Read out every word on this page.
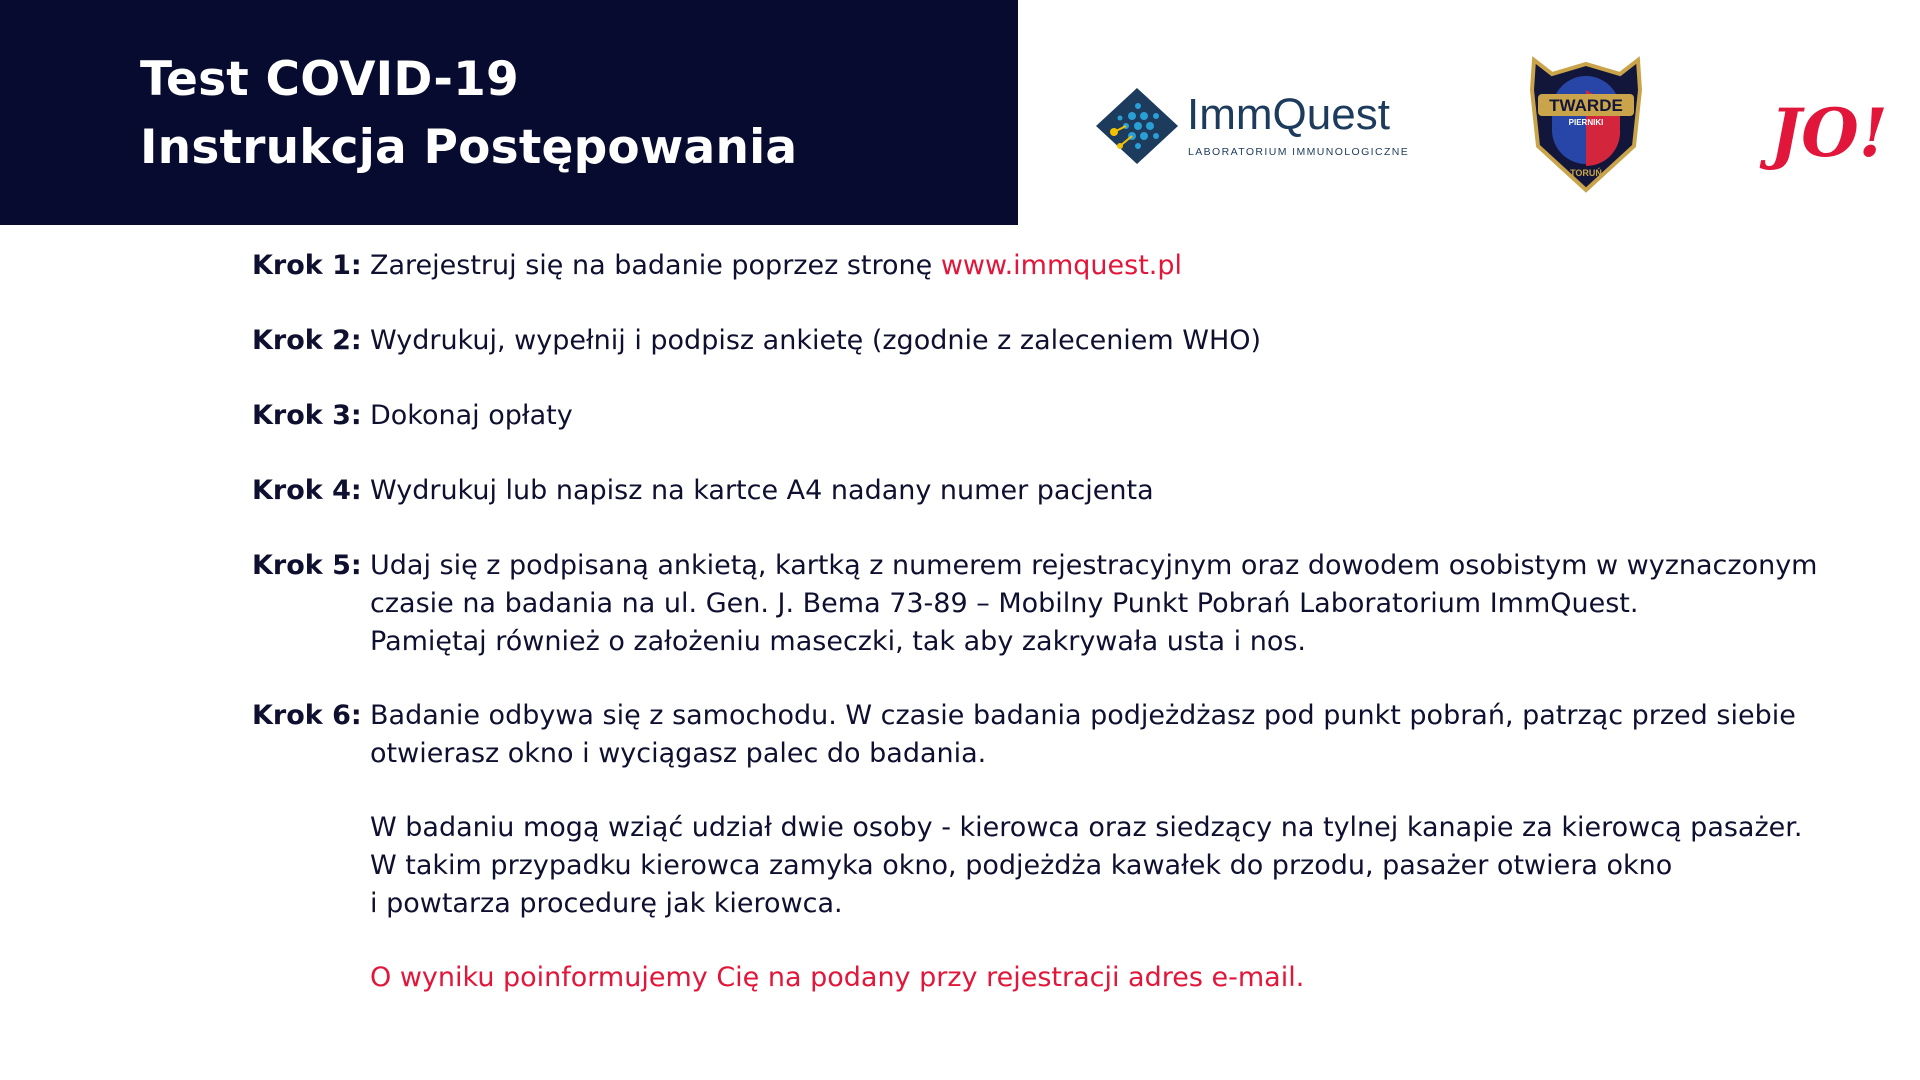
Test COVID-19
Instrukcja Postępowania
ImmQuest
LABORATORIUM IMMUNOLOGICZNE
TWARDE
PIERNIKI
TORUŃ
JO!
Krok 1: Zarejestruj się na badanie poprzez stronę www.immquest.pl
Krok 2: Wydrukuj, wypełnij i podpisz ankietę (zgodnie z zaleceniem WHO)
Krok 3: Dokonaj opłaty
Krok 4: Wydrukuj lub napisz na kartce A4 nadany numer pacjenta
Krok 5: Udaj się z podpisaną ankietą, kartką z numerem rejestracyjnym oraz dowodem osobistym w wyznaczonym
czasie na badania na ul. Gen. J. Bema 73-89 – Mobilny Punkt Pobrań Laboratorium ImmQuest.
Pamiętaj również o założeniu maseczki, tak aby zakrywała usta i nos.
Krok 6: Badanie odbywa się z samochodu. W czasie badania podjeżdżasz pod punkt pobrań, patrząc przed siebie
otwierasz okno i wyciągasz palec do badania.
W badaniu mogą wziąć udział dwie osoby - kierowca oraz siedzący na tylnej kanapie za kierowcą pasażer.
W takim przypadku kierowca zamyka okno, podjeżdża kawałek do przodu, pasażer otwiera okno
i powtarza procedurę jak kierowca.
O wyniku poinformujemy Cię na podany przy rejestracji adres e-mail.
